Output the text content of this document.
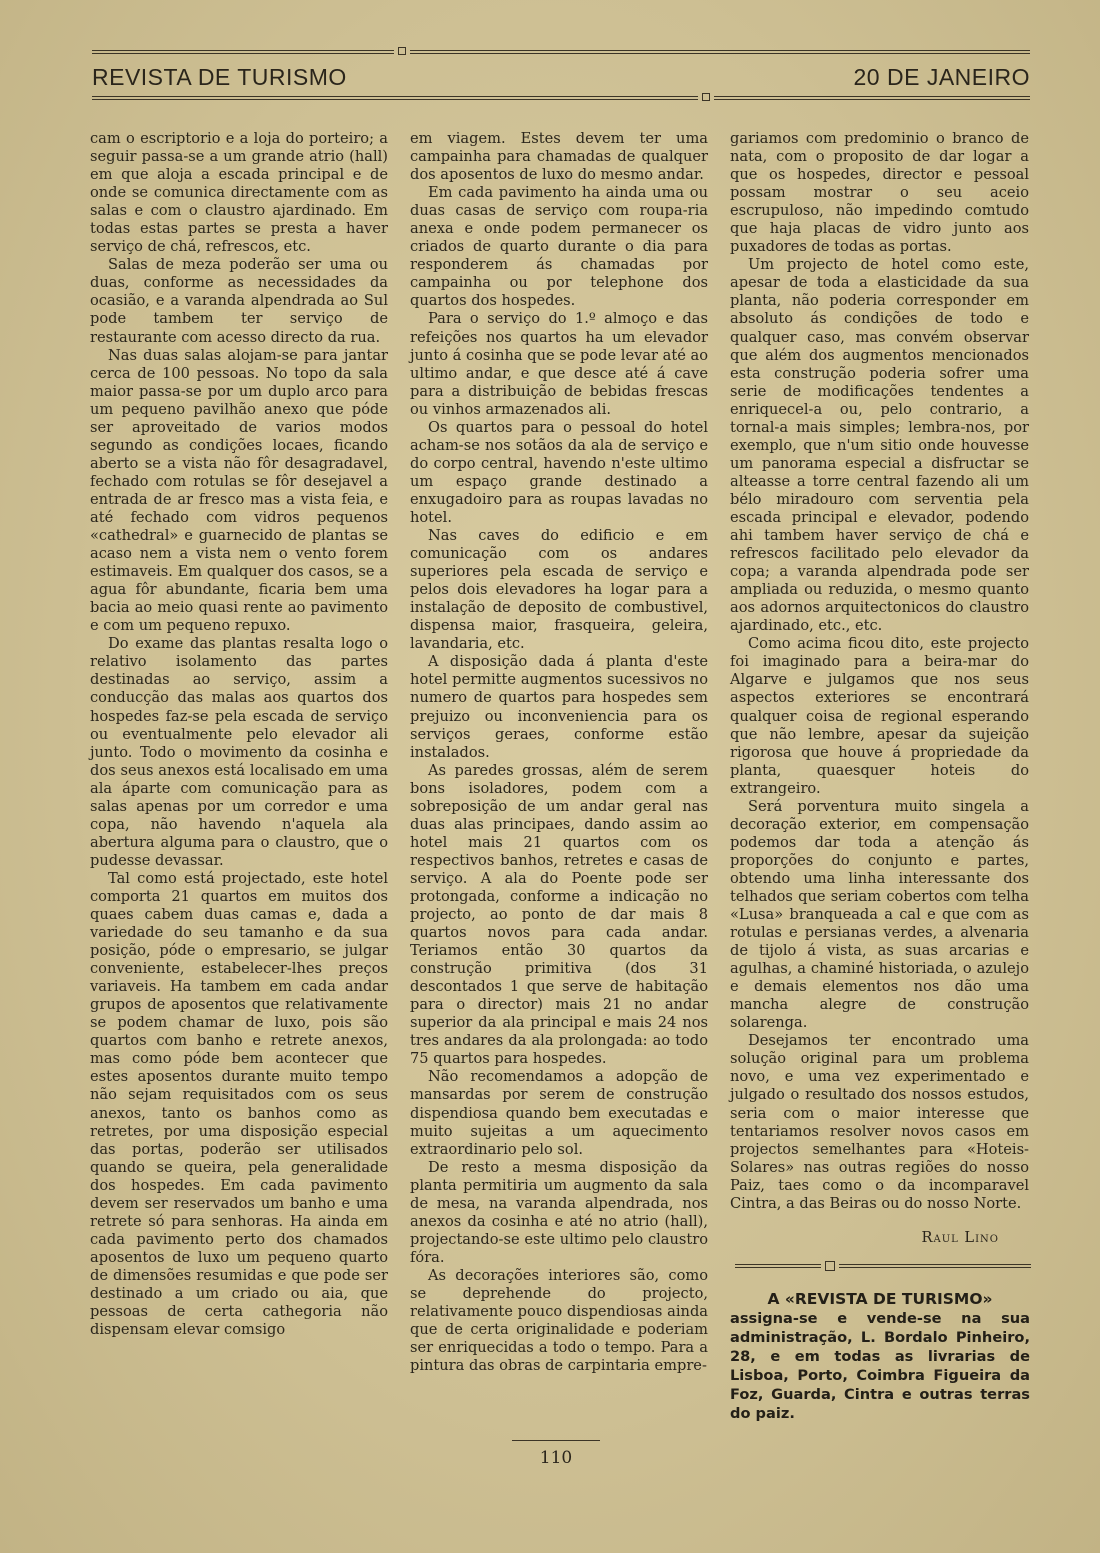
REVISTA DE TURISMO	20 DE JANEIRO

cam o escriptorio e a loja do porteiro; a seguir passa-se a um grande atrio (hall) em que aloja a escada principal e de onde se comunica directamente com as salas e com o claustro ajardinado. Em todas estas partes se presta a haver serviço de chá, refrescos, etc.

Salas de meza poderão ser uma ou duas, conforme as necessidades da ocasião, e a varanda alpendrada ao Sul pode tambem ter serviço de restaurante com acesso directo da rua.

Nas duas salas alojam-se para jantar cerca de 100 pessoas. No topo da sala maior passa-se por um duplo arco para um pequeno pavilhão anexo que póde ser aproveitado de varios modos segundo as condições locaes, ficando aberto se a vista não fôr desagradavel, fechado com rotulas se fôr desejavel a entrada de ar fresco mas a vista feia, e até fechado com vidros pequenos «cathedral» e guarnecido de plantas se acaso nem a vista nem o vento forem estimaveis. Em qualquer dos casos, se a agua fôr abundante, ficaria bem uma bacia ao meio quasi rente ao pavimento e com um pequeno repuxo.

Do exame das plantas resalta logo o relativo isolamento das partes destinadas ao serviço, assim a conducção das malas aos quartos dos hospedes faz-se pela escada de serviço ou eventualmente pelo elevador ali junto. Todo o movimento da cosinha e dos seus anexos está localisado em uma ala áparte com comunicação para as salas apenas por um corredor e uma copa, não havendo n'aquela ala abertura alguma para o claustro, que o pudesse devassar.

Tal como está projectado, este hotel comporta 21 quartos em muitos dos quaes cabem duas camas e, dada a variedade do seu tamanho e da sua posição, póde o empresario, se julgar conveniente, estabelecer-lhes preços variaveis. Ha tambem em cada andar grupos de aposentos que relativamente se podem chamar de luxo, pois são quartos com banho e retrete anexos, mas como póde bem acontecer que estes aposentos durante muito tempo não sejam requisitados com os seus anexos, tanto os banhos como as retretes, por uma disposição especial das portas, poderão ser utilisados quando se queira, pela generalidade dos hospedes. Em cada pavimento devem ser reservados um banho e uma retrete só para senhoras. Ha ainda em cada pavimento perto dos chamados aposentos de luxo um pequeno quarto de dimensões resumidas e que pode ser destinado a um criado ou aia, que pessoas de certa cathegoria não dispensam elevar comsigo

em viagem. Estes devem ter uma campainha para chamadas de qualquer dos aposentos de luxo do mesmo andar.

Em cada pavimento ha ainda uma ou duas casas de serviço com roupa-ria anexa e onde podem permanecer os criados de quarto durante o dia para responderem ás chamadas por campainha ou por telephone dos quartos dos hospedes.

Para o serviço do 1.º almoço e das refeições nos quartos ha um elevador junto á cosinha que se pode levar até ao ultimo andar, e que desce até á cave para a distribuição de bebidas frescas ou vinhos armazenados ali.

Os quartos para o pessoal do hotel acham-se nos sotãos da ala de serviço e do corpo central, havendo n'este ultimo um espaço grande destinado a enxugadoiro para as roupas lavadas no hotel.

Nas caves do edificio e em comunicação com os andares superiores pela escada de serviço e pelos dois elevadores ha logar para a instalação de deposito de combustivel, dispensa maior, frasqueira, geleira, lavandaria, etc.

A disposição dada á planta d'este hotel permitte augmentos sucessivos no numero de quartos para hospedes sem prejuizo ou inconveniencia para os serviços geraes, conforme estão instalados.

As paredes grossas, além de serem bons isoladores, podem com a sobreposição de um andar geral nas duas alas principaes, dando assim ao hotel mais 21 quartos com os respectivos banhos, retretes e casas de serviço. A ala do Poente pode ser protongada, conforme a indicação no projecto, ao ponto de dar mais 8 quartos novos para cada andar. Teriamos então 30 quartos da construção primitiva (dos 31 descontados 1 que serve de habitação para o director) mais 21 no andar superior da ala principal e mais 24 nos tres andares da ala prolongada: ao todo 75 quartos para hospedes.

Não recomendamos a adopção de mansardas por serem de construção dispendiosa quando bem executadas e muito sujeitas a um aquecimento extraordinario pelo sol.

De resto a mesma disposição da planta permitiria um augmento da sala de mesa, na varanda alpendrada, nos anexos da cosinha e até no atrio (hall), projectando-se este ultimo pelo claustro fóra.

As decorações interiores são, como se deprehende do projecto, relativamente pouco dispendiosas ainda que de certa originalidade e poderiam ser enriquecidas a todo o tempo. Para a pintura das obras de carpintaria empre-

gariamos com predominio o branco de nata, com o proposito de dar logar a que os hospedes, director e pessoal possam mostrar o seu aceio escrupuloso, não impedindo comtudo que haja placas de vidro junto aos puxadores de todas as portas.

Um projecto de hotel como este, apesar de toda a elasticidade da sua planta, não poderia corresponder em absoluto ás condições de todo e qualquer caso, mas convém observar que além dos augmentos mencionados esta construção poderia sofrer uma serie de modificações tendentes a enriquecel-a ou, pelo contrario, a tornal-a mais simples; lembra-nos, por exemplo, que n'um sitio onde houvesse um panorama especial a disfructar se alteasse a torre central fazendo ali um bélo miradouro com serventia pela escada principal e elevador, podendo ahi tambem haver serviço de chá e refrescos facilitado pelo elevador da copa; a varanda alpendrada pode ser ampliada ou reduzida, o mesmo quanto aos adornos arquitectonicos do claustro ajardinado, etc., etc.

Como acima ficou dito, este projecto foi imaginado para a beira-mar do Algarve e julgamos que nos seus aspectos exteriores se encontrará qualquer coisa de regional esperando que não lembre, apesar da sujeição rigorosa que houve á propriedade da planta, quaesquer hoteis do extrangeiro.

Será porventura muito singela a decoração exterior, em compensação podemos dar toda a atenção ás proporções do conjunto e partes, obtendo uma linha interessante dos telhados que seriam cobertos com telha «Lusa» branqueada a cal e que com as rotulas e persianas verdes, a alvenaria de tijolo á vista, as suas arcarias e agulhas, a chaminé historiada, o azulejo e demais elementos nos dão uma mancha alegre de construção solarenga.

Desejamos ter encontrado uma solução original para um problema novo, e uma vez experimentado e julgado o resultado dos nossos estudos, seria com o maior interesse que tentariamos resolver novos casos em projectos semelhantes para «Hoteis-Solares» nas outras regiões do nosso Paiz, taes como o da incomparavel Cintra, a das Beiras ou do nosso Norte.

Raul Lino

A «REVISTA DE TURISMO»
assigna-se e vende-se na sua administração, L. Bordalo Pinheiro, 28, e em todas as livrarias de Lisboa, Porto, Coimbra Figueira da Foz, Guarda, Cintra e outras terras do paiz.
110
